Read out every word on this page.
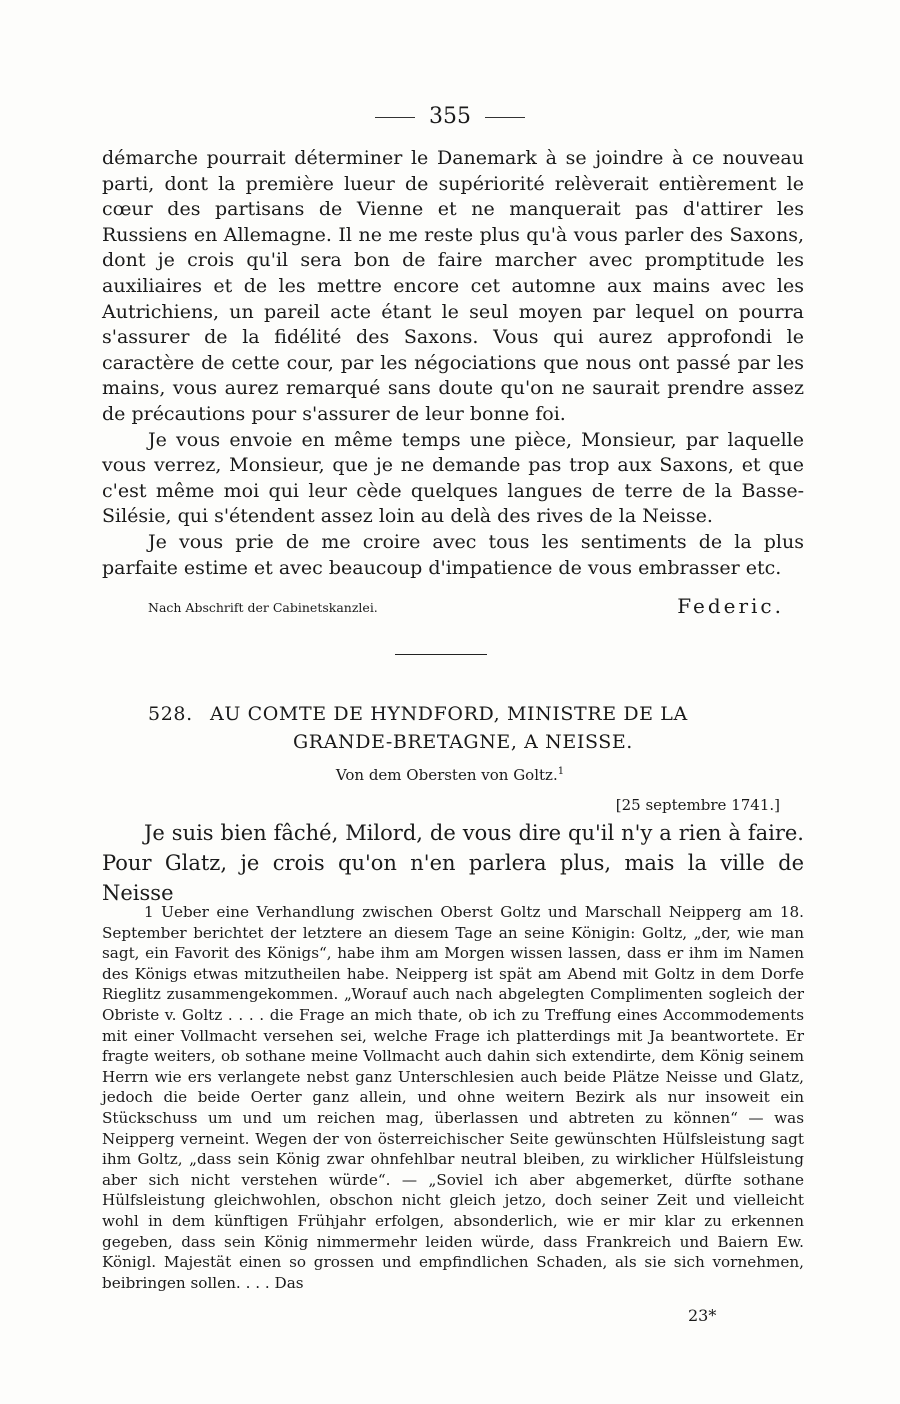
355

démarche pourrait déterminer le Danemark à se joindre à ce nouveau parti, dont la première lueur de supériorité relèverait entièrement le cœur des partisans de Vienne et ne manquerait pas d'attirer les Russiens en Allemagne. Il ne me reste plus qu'à vous parler des Saxons, dont je crois qu'il sera bon de faire marcher avec promptitude les auxiliaires et de les mettre encore cet automne aux mains avec les Autrichiens, un pareil acte étant le seul moyen par lequel on pourra s'assurer de la fidélité des Saxons. Vous qui aurez approfondi le caractère de cette cour, par les négociations que nous ont passé par les mains, vous aurez remarqué sans doute qu'on ne saurait prendre assez de précautions pour s'assurer de leur bonne foi.

Je vous envoie en même temps une pièce, Monsieur, par laquelle vous verrez, Monsieur, que je ne demande pas trop aux Saxons, et que c'est même moi qui leur cède quelques langues de terre de la Basse-Silésie, qui s'étendent assez loin au delà des rives de la Neisse.

Je vous prie de me croire avec tous les sentiments de la plus parfaite estime et avec beaucoup d'impatience de vous embrasser etc.

Nach Abschrift der Cabinetskanzlei.	Federic.
528. AU COMTE DE HYNDFORD, MINISTRE DE LA
GRANDE-BRETAGNE, A NEISSE.
Von dem Obersten von Goltz.$^1$
[25 septembre 1741.]

Je suis bien fâché, Milord, de vous dire qu'il n'y a rien à faire. Pour Glatz, je crois qu'on n'en parlera plus, mais la ville de Neisse

1 Ueber eine Verhandlung zwischen Oberst Goltz und Marschall Neipperg am 18. September berichtet der letztere an diesem Tage an seine Königin: Goltz, „der, wie man sagt, ein Favorit des Königs“, habe ihm am Morgen wissen lassen, dass er ihm im Namen des Königs etwas mitzutheilen habe. Neipperg ist spät am Abend mit Goltz in dem Dorfe Rieglitz zusammengekommen. „Worauf auch nach abgelegten Complimenten sogleich der Obriste v. Goltz . . . . die Frage an mich thate, ob ich zu Treffung eines Accommodements mit einer Vollmacht versehen sei, welche Frage ich platterdings mit Ja beantwortete. Er fragte weiters, ob sothane meine Vollmacht auch dahin sich extendirte, dem König seinem Herrn wie ers verlangete nebst ganz Unterschlesien auch beide Plätze Neisse und Glatz, jedoch die beide Oerter ganz allein, und ohne weitern Bezirk als nur insoweit ein Stückschuss um und um reichen mag, überlassen und abtreten zu können“ — was Neipperg verneint. Wegen der von österreichischer Seite gewünschten Hülfsleistung sagt ihm Goltz, „dass sein König zwar ohnfehlbar neutral bleiben, zu wirklicher Hülfsleistung aber sich nicht verstehen würde“. — „Soviel ich aber abgemerket, dürfte sothane Hülfsleistung gleichwohlen, obschon nicht gleich jetzo, doch seiner Zeit und vielleicht wohl in dem künftigen Frühjahr erfolgen, absonderlich, wie er mir klar zu erkennen gegeben, dass sein König nimmermehr leiden würde, dass Frankreich und Baiern Ew. Königl. Majestät einen so grossen und empfindlichen Schaden, als sie sich vornehmen, beibringen sollen. . . . Das

23*
